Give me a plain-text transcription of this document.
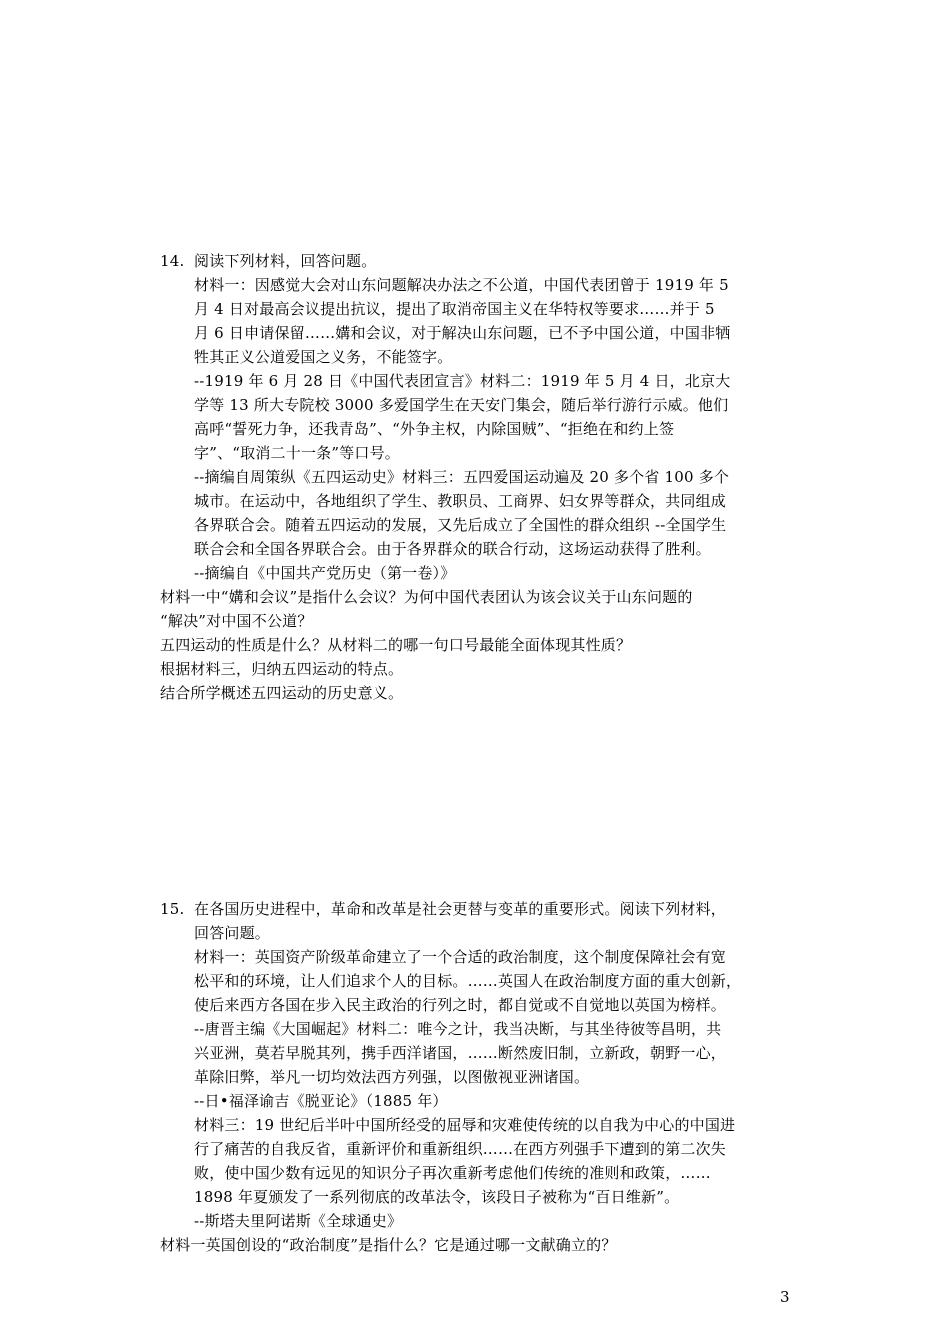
14. 阅读下列材料，回答问题。
材料一：因感觉大会对山东问题解决办法之不公道，中国代表团曾于 1919 年 5
月 4 日对最高会议提出抗议，提出了取消帝国主义在华特权等要求……并于 5
月 6 日申请保留……媾和会议，对于解决山东问题，已不予中国公道，中国非牺
牲其正义公道爱国之义务，不能签字。
--1919 年 6 月 28 日《中国代表团宣言》材料二：1919 年 5 月 4 日，北京大
学等 13 所大专院校 3000 多爱国学生在天安门集会，随后举行游行示威。他们
高呼“誓死力争，还我青岛”、“外争主权，内除国贼”、“拒绝在和约上签
字”、“取消二十一条”等口号。
--摘编自周策纵《五四运动史》材料三：五四爱国运动遍及 20 多个省 100 多个
城市。在运动中，各地组织了学生、教职员、工商界、妇女界等群众，共同组成
各界联合会。随着五四运动的发展，又先后成立了全国性的群众组织 --全国学生
联合会和全国各界联合会。由于各界群众的联合行动，这场运动获得了胜利。
--摘编自《中国共产党历史（第一卷）》
材料一中“媾和会议”是指什么会议？为何中国代表团认为该会议关于山东问题的
“解决”对中国不公道？
五四运动的性质是什么？从材料二的哪一句口号最能全面体现其性质？
根据材料三，归纳五四运动的特点。
结合所学概述五四运动的历史意义。
15. 在各国历史进程中，革命和改革是社会更替与变革的重要形式。阅读下列材料，
回答问题。
材料一：英国资产阶级革命建立了一个合适的政治制度，这个制度保障社会有宽
松平和的环境，让人们追求个人的目标。……英国人在政治制度方面的重大创新，
使后来西方各国在步入民主政治的行列之时，都自觉或不自觉地以英国为榜样。
--唐晋主编《大国崛起》材料二：唯今之计，我当决断，与其坐待彼等昌明，共
兴亚洲，莫若早脱其列，携手西洋诸国，……断然废旧制，立新政，朝野一心，
革除旧弊，举凡一切均效法西方列强，以图傲视亚洲诸国。
--日•福泽谕吉《脱亚论》（1885 年）
材料三：19 世纪后半叶中国所经受的屈辱和灾难使传统的以自我为中心的中国进
行了痛苦的自我反省，重新评价和重新组织……在西方列强手下遭到的第二次失
败，使中国少数有远见的知识分子再次重新考虑他们传统的准则和政策，……
1898 年夏颁发了一系列彻底的改革法令，该段日子被称为“百日维新”。
--斯塔夫里阿诺斯《全球通史》
材料一英国创设的“政治制度”是指什么？它是通过哪一文献确立的？
3
